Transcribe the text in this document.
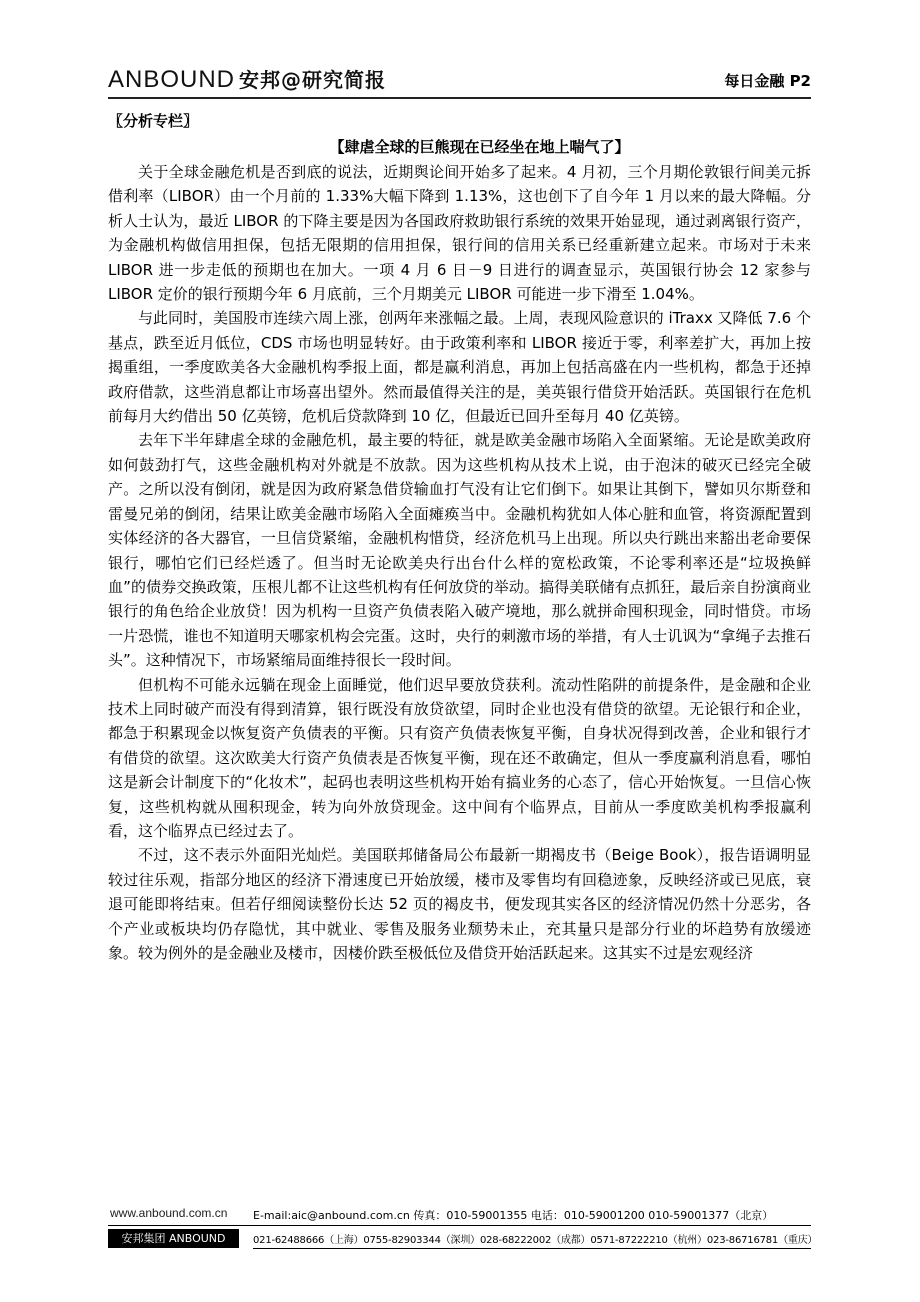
ANBOUND 安邦@研究简报	每日金融 P2

〖分析专栏〗

【肆虐全球的巨熊现在已经坐在地上喘气了】

关于全球金融危机是否到底的说法，近期舆论间开始多了起来。4 月初，三个月期伦敦银行间美元拆借利率（LIBOR）由一个月前的 1.33%大幅下降到 1.13%，这也创下了自今年 1 月以来的最大降幅。分析人士认为，最近 LIBOR 的下降主要是因为各国政府救助银行系统的效果开始显现，通过剥离银行资产，为金融机构做信用担保，包括无限期的信用担保，银行间的信用关系已经重新建立起来。市场对于未来 LIBOR 进一步走低的预期也在加大。一项 4 月 6 日－9 日进行的调查显示，英国银行协会 12 家参与 LIBOR 定价的银行预期今年 6 月底前，三个月期美元 LIBOR 可能进一步下滑至 1.04%。

与此同时，美国股市连续六周上涨，创两年来涨幅之最。上周，表现风险意识的 iTraxx 又降低 7.6 个基点，跌至近月低位，CDS 市场也明显转好。由于政策利率和 LIBOR 接近于零，利率差扩大，再加上按揭重组，一季度欧美各大金融机构季报上面，都是赢利消息，再加上包括高盛在内一些机构，都急于还掉政府借款，这些消息都让市场喜出望外。然而最值得关注的是，美英银行借贷开始活跃。英国银行在危机前每月大约借出 50 亿英镑，危机后贷款降到 10 亿，但最近已回升至每月 40 亿英镑。

去年下半年肆虐全球的金融危机，最主要的特征，就是欧美金融市场陷入全面紧缩。无论是欧美政府如何鼓劲打气，这些金融机构对外就是不放款。因为这些机构从技术上说，由于泡沫的破灭已经完全破产。之所以没有倒闭，就是因为政府紧急借贷输血打气没有让它们倒下。如果让其倒下，譬如贝尔斯登和雷曼兄弟的倒闭，结果让欧美金融市场陷入全面瘫痪当中。金融机构犹如人体心脏和血管，将资源配置到实体经济的各大器官，一旦信贷紧缩，金融机构惜贷，经济危机马上出现。所以央行跳出来豁出老命要保银行，哪怕它们已经烂透了。但当时无论欧美央行出台什么样的宽松政策，不论零利率还是“垃圾换鲜血”的债券交换政策，压根儿都不让这些机构有任何放贷的举动。搞得美联储有点抓狂，最后亲自扮演商业银行的角色给企业放贷！因为机构一旦资产负债表陷入破产境地，那么就拼命囤积现金，同时惜贷。市场一片恐慌，谁也不知道明天哪家机构会完蛋。这时，央行的刺激市场的举措，有人士讥讽为“拿绳子去推石头”。这种情况下，市场紧缩局面维持很长一段时间。

但机构不可能永远躺在现金上面睡觉，他们迟早要放贷获利。流动性陷阱的前提条件，是金融和企业技术上同时破产而没有得到清算，银行既没有放贷欲望，同时企业也没有借贷的欲望。无论银行和企业，都急于积累现金以恢复资产负债表的平衡。只有资产负债表恢复平衡，自身状况得到改善，企业和银行才有借贷的欲望。这次欧美大行资产负债表是否恢复平衡，现在还不敢确定，但从一季度赢利消息看，哪怕这是新会计制度下的“化妆术”，起码也表明这些机构开始有搞业务的心态了，信心开始恢复。一旦信心恢复，这些机构就从囤积现金，转为向外放贷现金。这中间有个临界点，目前从一季度欧美机构季报赢利看，这个临界点已经过去了。

不过，这不表示外面阳光灿烂。美国联邦储备局公布最新一期褐皮书（Beige Book），报告语调明显较过往乐观，指部分地区的经济下滑速度已开始放缓，楼市及零售均有回稳迹象，反映经济或已见底，衰退可能即将结束。但若仔细阅读整份长达 52 页的褐皮书，便发现其实各区的经济情况仍然十分恶劣，各个产业或板块均仍存隐忧，其中就业、零售及服务业颓势未止，充其量只是部分行业的坏趋势有放缓迹象。较为例外的是金融业及楼市，因楼价跌至极低位及借贷开始活跃起来。这其实不过是宏观经济

www.anbound.com.cn E-mail:aic@anbound.com.cn 传真：010-59001355 电话：010-59001200 010-59001377（北京）
安邦集团 ANBOUND	021-62488666（上海）0755-82903344（深圳）028-68222002（成都）0571-87222210（杭州）023-86716781（重庆）
